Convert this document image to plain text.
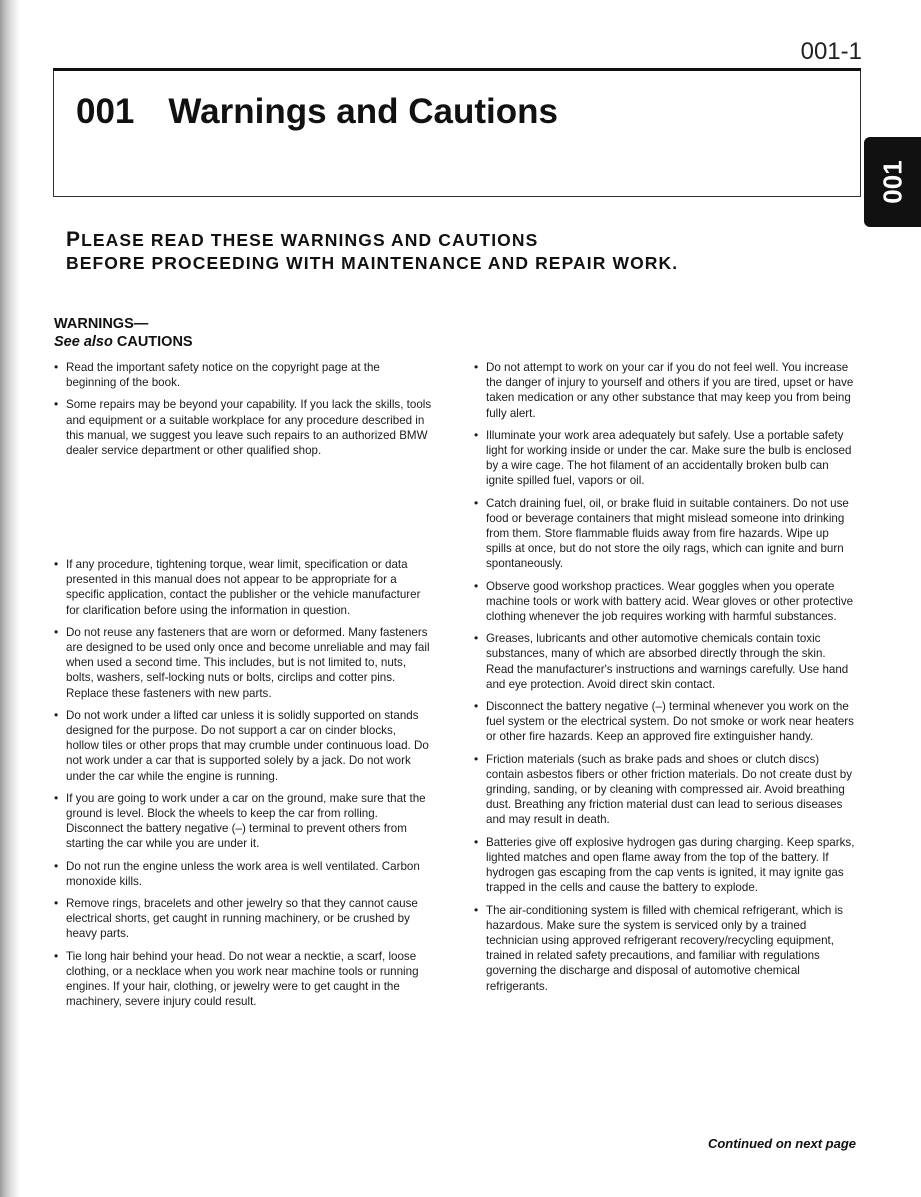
001-1
001 Warnings and Cautions
001
PLEASE READ THESE WARNINGS AND CAUTIONS
BEFORE PROCEEDING WITH MAINTENANCE AND REPAIR WORK.
WARNINGS—
See also CAUTIONS
• Read the important safety notice on the copyright page at the beginning of the book.
• Some repairs may be beyond your capability. If you lack the skills, tools and equipment or a suitable workplace for any procedure described in this manual, we suggest you leave such repairs to an authorized BMW dealer service department or other qualified shop.
• If any procedure, tightening torque, wear limit, specification or data presented in this manual does not appear to be appropriate for a specific application, contact the publisher or the vehicle manufacturer for clarification before using the information in question.
• Do not reuse any fasteners that are worn or deformed. Many fasteners are designed to be used only once and become unreliable and may fail when used a second time. This includes, but is not limited to, nuts, bolts, washers, self-locking nuts or bolts, circlips and cotter pins. Replace these fasteners with new parts.
• Do not work under a lifted car unless it is solidly supported on stands designed for the purpose. Do not support a car on cinder blocks, hollow tiles or other props that may crumble under continuous load. Do not work under a car that is supported solely by a jack. Do not work under the car while the engine is running.
• If you are going to work under a car on the ground, make sure that the ground is level. Block the wheels to keep the car from rolling. Disconnect the battery negative (–) terminal to prevent others from starting the car while you are under it.
• Do not run the engine unless the work area is well ventilated. Carbon monoxide kills.
• Remove rings, bracelets and other jewelry so that they cannot cause electrical shorts, get caught in running machinery, or be crushed by heavy parts.
• Tie long hair behind your head. Do not wear a necktie, a scarf, loose clothing, or a necklace when you work near machine tools or running engines. If your hair, clothing, or jewelry were to get caught in the machinery, severe injury could result.
• Do not attempt to work on your car if you do not feel well. You increase the danger of injury to yourself and others if you are tired, upset or have taken medication or any other substance that may keep you from being fully alert.
• Illuminate your work area adequately but safely. Use a portable safety light for working inside or under the car. Make sure the bulb is enclosed by a wire cage. The hot filament of an accidentally broken bulb can ignite spilled fuel, vapors or oil.
• Catch draining fuel, oil, or brake fluid in suitable containers. Do not use food or beverage containers that might mislead someone into drinking from them. Store flammable fluids away from fire hazards. Wipe up spills at once, but do not store the oily rags, which can ignite and burn spontaneously.
• Observe good workshop practices. Wear goggles when you operate machine tools or work with battery acid. Wear gloves or other protective clothing whenever the job requires working with harmful substances.
• Greases, lubricants and other automotive chemicals contain toxic substances, many of which are absorbed directly through the skin. Read the manufacturer's instructions and warnings carefully. Use hand and eye protection. Avoid direct skin contact.
• Disconnect the battery negative (–) terminal whenever you work on the fuel system or the electrical system. Do not smoke or work near heaters or other fire hazards. Keep an approved fire extinguisher handy.
• Friction materials (such as brake pads and shoes or clutch discs) contain asbestos fibers or other friction materials. Do not create dust by grinding, sanding, or by cleaning with compressed air. Avoid breathing dust. Breathing any friction material dust can lead to serious diseases and may result in death.
• Batteries give off explosive hydrogen gas during charging. Keep sparks, lighted matches and open flame away from the top of the battery. If hydrogen gas escaping from the cap vents is ignited, it may ignite gas trapped in the cells and cause the battery to explode.
• The air-conditioning system is filled with chemical refrigerant, which is hazardous. Make sure the system is serviced only by a trained technician using approved refrigerant recovery/recycling equipment, trained in related safety precautions, and familiar with regulations governing the discharge and disposal of automotive chemical refrigerants.
Continued on next page
